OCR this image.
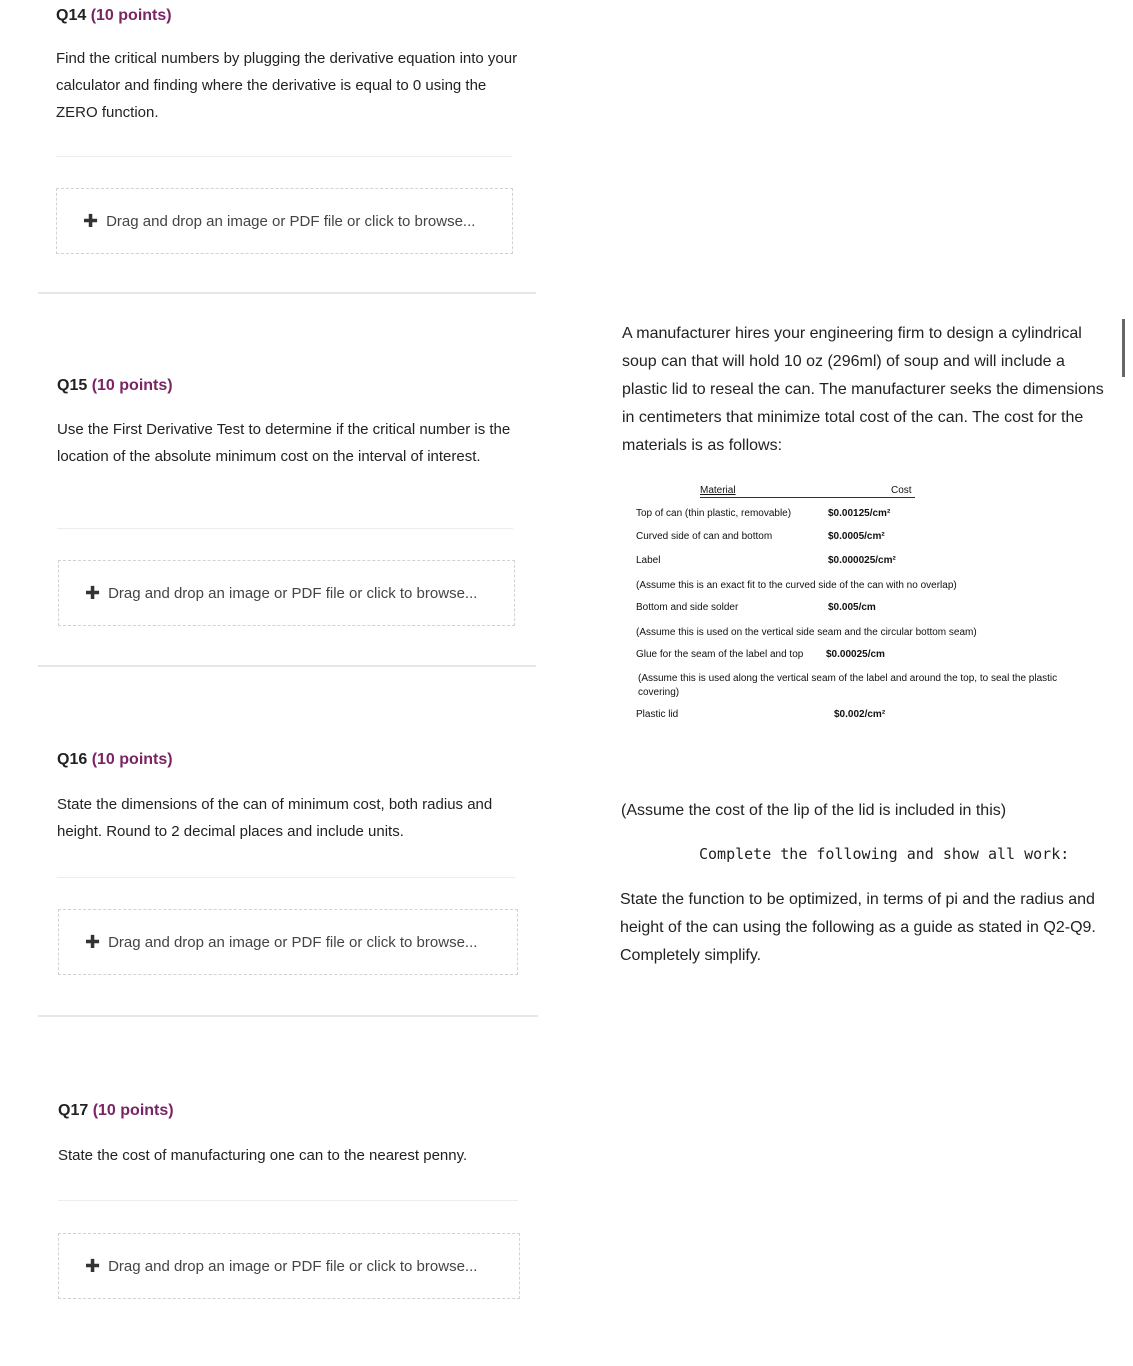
Q14 (10 points)
Find the critical numbers by plugging the derivative equation into your calculator and finding where the derivative is equal to 0 using the ZERO function.
✚ Drag and drop an image or PDF file or click to browse...
Q15 (10 points)
Use the First Derivative Test to determine if the critical number is the location of the absolute minimum cost on the interval of interest.
✚ Drag and drop an image or PDF file or click to browse...
Q16 (10 points)
State the dimensions of the can of minimum cost, both radius and height. Round to 2 decimal places and include units.
✚ Drag and drop an image or PDF file or click to browse...
Q17 (10 points)
State the cost of manufacturing one can to the nearest penny.
✚ Drag and drop an image or PDF file or click to browse...
A manufacturer hires your engineering firm to design a cylindrical soup can that will hold 10 oz (296ml) of soup and will include a plastic lid to reseal the can. The manufacturer seeks the dimensions in centimeters that minimize total cost of the can. The cost for the materials is as follows:
Material	Cost
Top of can (thin plastic, removable)	$0.00125/cm²
Curved side of can and bottom	$0.0005/cm²
Label	$0.000025/cm²
(Assume this is an exact fit to the curved side of the can with no overlap)
Bottom and side solder	$0.005/cm
(Assume this is used on the vertical side seam and the circular bottom seam)
Glue for the seam of the label and top $0.00025/cm
(Assume this is used along the vertical seam of the label and around the top, to seal the plastic covering)
Plastic lid	$0.002/cm²
(Assume the cost of the lip of the lid is included in this)
Complete the following and show all work:
State the function to be optimized, in terms of pi and the radius and height of the can using the following as a guide as stated in Q2-Q9. Completely simplify.
